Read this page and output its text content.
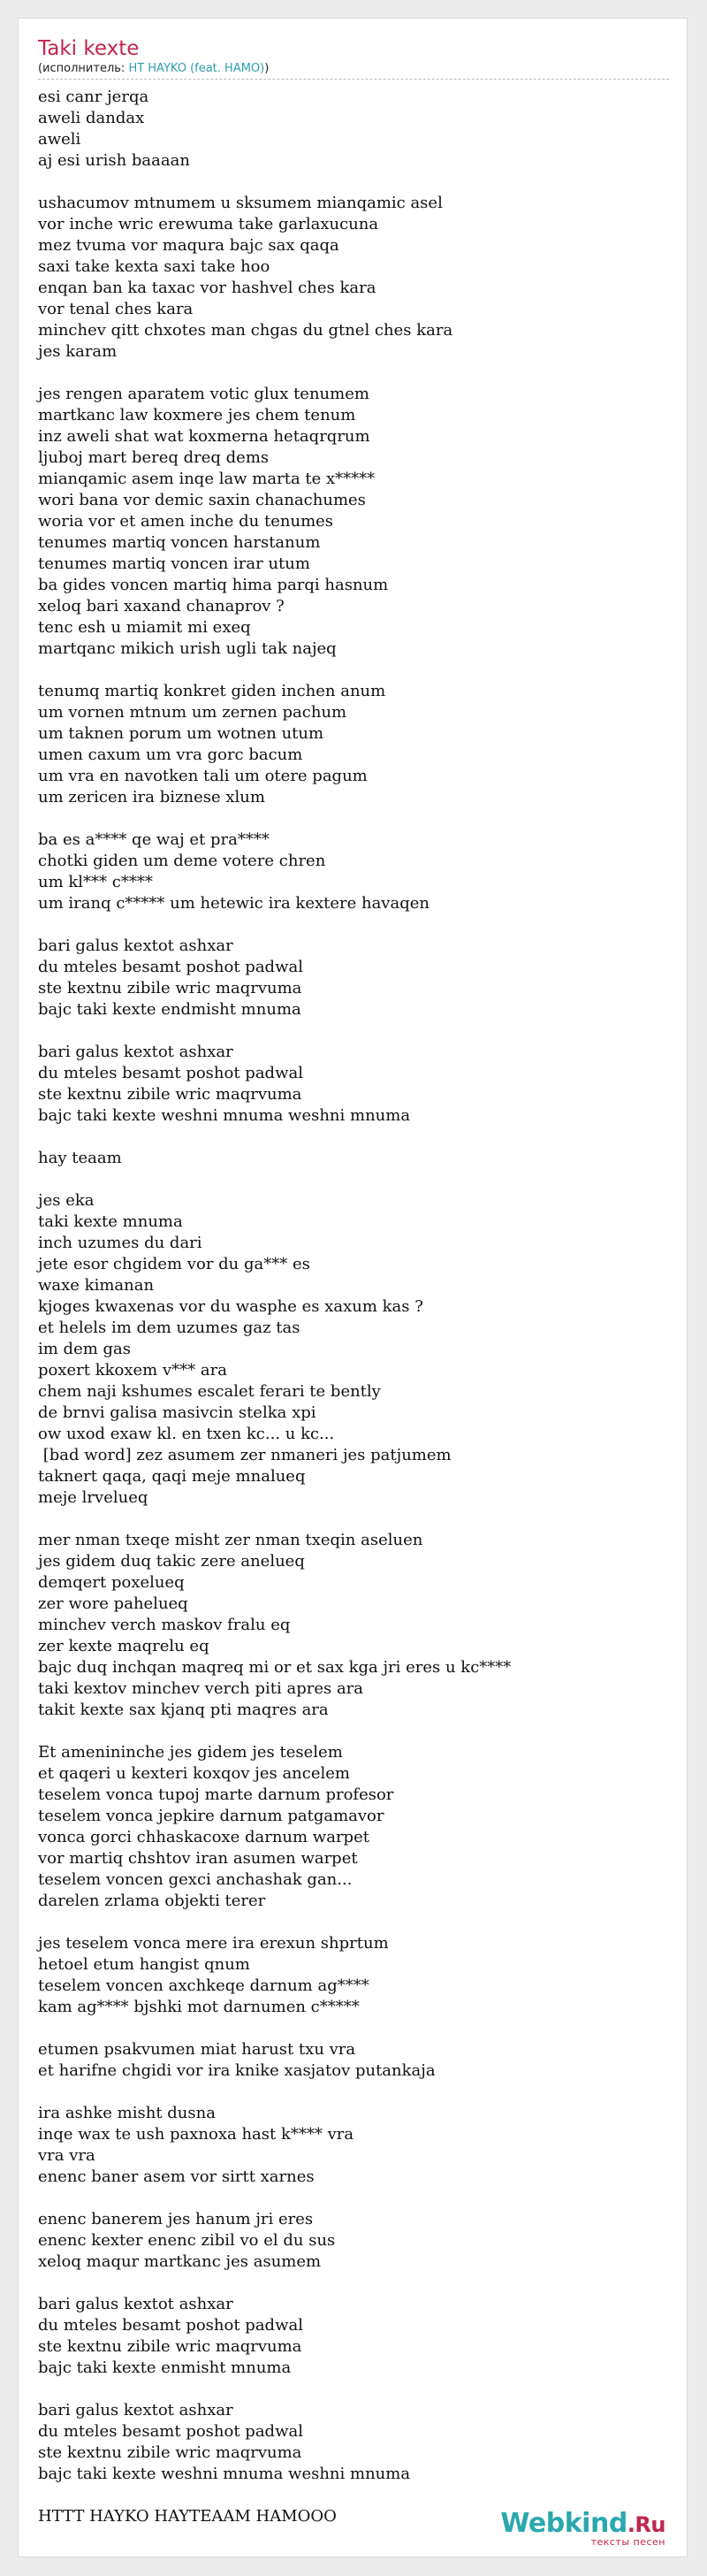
Taki kexte
(исполнитель: HT HAYKO (feat. HAMO))
esi canr jerqa
aweli dandax
aweli
aj esi urish baaaan
ushacumov mtnumem u sksumem mianqamic asel
vor inche wric erewuma take garlaxucuna
mez tvuma vor maqura bajc sax qaqa
saxi take kexta saxi take hoo
enqan ban ka taxac vor hashvel ches kara
vor tenal ches kara
minchev qitt chxotes man chgas du gtnel ches kara
jes karam
jes rengen aparatem votic glux tenumem
martkanc law koxmere jes chem tenum
inz aweli shat wat koxmerna hetaqrqrum
ljuboj mart bereq dreq dems
mianqamic asem inqe law marta te x*****
wori bana vor demic saxin chanachumes
woria vor et amen inche du tenumes
tenumes martiq voncen harstanum
tenumes martiq voncen irar utum
ba gides voncen martiq hima parqi hasnum
xeloq bari xaxand chanaprov ?
tenc esh u miamit mi exeq
martqanc mikich urish ugli tak najeq
tenumq martiq konkret giden inchen anum
um vornen mtnum um zernen pachum
um taknen porum um wotnen utum
umen caxum um vra gorc bacum
um vra en navotken tali um otere pagum
um zericen ira biznese xlum
ba es a**** qe waj et pra****
chotki giden um deme votere chren
um kl*** c****
um iranq c***** um hetewic ira kextere havaqen
bari galus kextot ashxar
du mteles besamt poshot padwal
ste kextnu zibile wric maqrvuma
bajc taki kexte endmisht mnuma
bari galus kextot ashxar
du mteles besamt poshot padwal
ste kextnu zibile wric maqrvuma
bajc taki kexte weshni mnuma weshni mnuma
hay teaam
jes eka
taki kexte mnuma
inch uzumes du dari
jete esor chgidem vor du ga*** es
waxe kimanan
kjoges kwaxenas vor du wasphe es xaxum kas ?
et helels im dem uzumes gaz tas
im dem gas
poxert kkoxem v*** ara
chem naji kshumes escalet ferari te bently
de brnvi galisa masivcin stelka xpi
ow uxod exaw kl. en txen kc... u kc...
[bad word] zez asumem zer nmaneri jes patjumem
taknert qaqa, qaqi meje mnalueq
meje lrvelueq
mer nman txeqe misht zer nman txeqin aseluen
jes gidem duq takic zere anelueq
demqert poxelueq
zer wore pahelueq
minchev verch maskov fralu eq
zer kexte maqrelu eq
bajc duq inchqan maqreq mi or et sax kga jri eres u kc****
taki kextov minchev verch piti apres ara
takit kexte sax kjanq pti maqres ara
Et amenininche jes gidem jes teselem
et qaqeri u kexteri koxqov jes ancelem
teselem vonca tupoj marte darnum profesor
teselem vonca jepkire darnum patgamavor
vonca gorci chhaskacoxe darnum warpet
vor martiq chshtov iran asumen warpet
teselem voncen gexci anchashak gan...
darelen zrlama objekti terer
jes teselem vonca mere ira erexun shprtum
hetoel etum hangist qnum
teselem voncen axchkeqe darnum ag****
kam ag**** bjshki mot darnumen c*****
etumen psakvumen miat harust txu vra
et harifne chgidi vor ira knike xasjatov putankaja
ira ashke misht dusna
inqe wax te ush paxnoxa hast k**** vra
vra vra
enenc baner asem vor sirtt xarnes
enenc banerem jes hanum jri eres
enenc kexter enenc zibil vo el du sus
xeloq maqur martkanc jes asumem
bari galus kextot ashxar
du mteles besamt poshot padwal
ste kextnu zibile wric maqrvuma
bajc taki kexte enmisht mnuma
bari galus kextot ashxar
du mteles besamt poshot padwal
ste kextnu zibile wric maqrvuma
bajc taki kexte weshni mnuma weshni mnuma
HTTT HAYKO HAYTEAAM HAMOOO	Webkind.Ru
тексты песен
